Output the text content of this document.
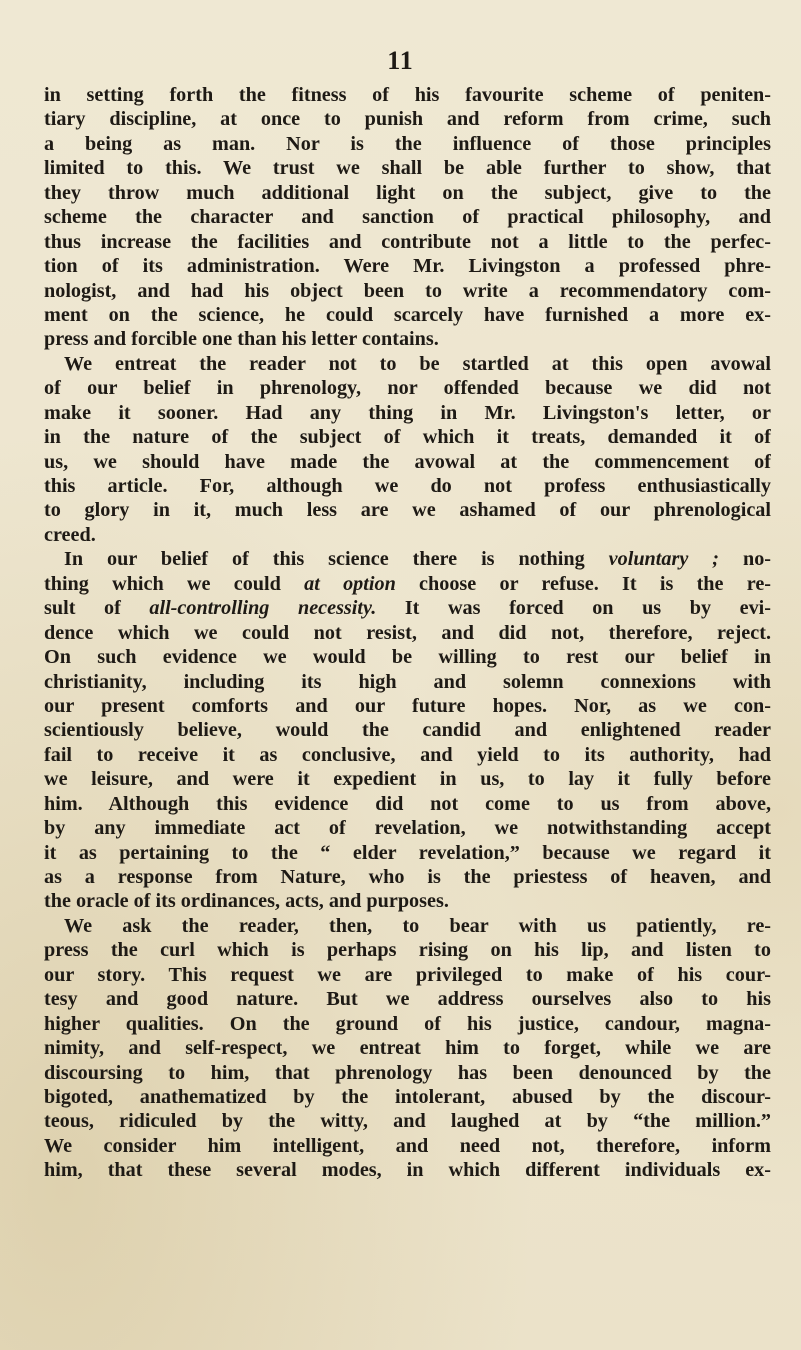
11
in setting forth the fitness of his favourite scheme of peniten-
tiary discipline, at once to punish and reform from crime, such
a being as man. Nor is the influence of those principles
limited to this. We trust we shall be able further to show, that
they throw much additional light on the subject, give to the
scheme the character and sanction of practical philosophy, and
thus increase the facilities and contribute not a little to the perfec-
tion of its administration. Were Mr. Livingston a professed phre-
nologist, and had his object been to write a recommendatory com-
ment on the science, he could scarcely have furnished a more ex-
press and forcible one than his letter contains.
We entreat the reader not to be startled at this open avowal
of our belief in phrenology, nor offended because we did not
make it sooner. Had any thing in Mr. Livingston's letter, or
in the nature of the subject of which it treats, demanded it of
us, we should have made the avowal at the commencement of
this article. For, although we do not profess enthusiastically
to glory in it, much less are we ashamed of our phrenological
creed.
In our belief of this science there is nothing voluntary ; no-
thing which we could at option choose or refuse. It is the re-
sult of all-controlling necessity. It was forced on us by evi-
dence which we could not resist, and did not, therefore, reject.
On such evidence we would be willing to rest our belief in
christianity, including its high and solemn connexions with
our present comforts and our future hopes. Nor, as we con-
scientiously believe, would the candid and enlightened reader
fail to receive it as conclusive, and yield to its authority, had
we leisure, and were it expedient in us, to lay it fully before
him. Although this evidence did not come to us from above,
by any immediate act of revelation, we notwithstanding accept
it as pertaining to the “ elder revelation,” because we regard it
as a response from Nature, who is the priestess of heaven, and
the oracle of its ordinances, acts, and purposes.
We ask the reader, then, to bear with us patiently, re-
press the curl which is perhaps rising on his lip, and listen to
our story. This request we are privileged to make of his cour-
tesy and good nature. But we address ourselves also to his
higher qualities. On the ground of his justice, candour, magna-
nimity, and self-respect, we entreat him to forget, while we are
discoursing to him, that phrenology has been denounced by the
bigoted, anathematized by the intolerant, abused by the discour-
teous, ridiculed by the witty, and laughed at by “the million.”
We consider him intelligent, and need not, therefore, inform
him, that these several modes, in which different individuals ex-
